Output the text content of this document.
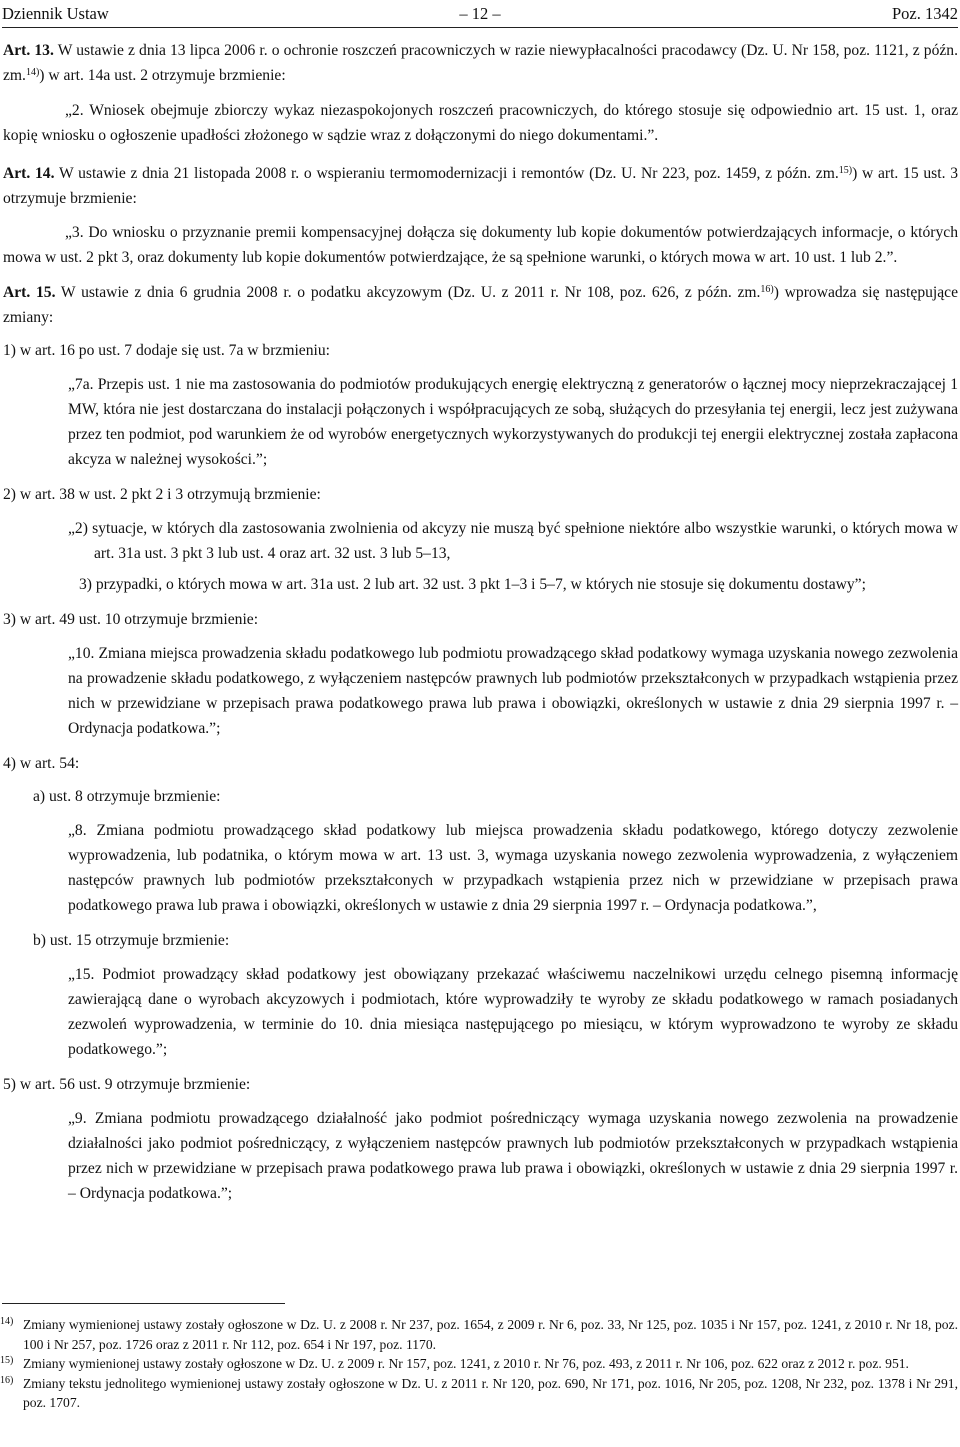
Dziennik Ustaw	– 12 –	Poz. 1342

Art. 13. W ustawie z dnia 13 lipca 2006 r. o ochronie roszczeń pracowniczych w razie niewypłacalności pracodawcy (Dz. U. Nr 158, poz. 1121, z późn. zm.$^{14)}$) w art. 14a ust. 2 otrzymuje brzmienie:

„2. Wniosek obejmuje zbiorczy wykaz niezaspokojonych roszczeń pracowniczych, do którego stosuje się odpowiednio art. 15 ust. 1, oraz kopię wniosku o ogłoszenie upadłości złożonego w sądzie wraz z dołączonymi do niego dokumentami.”.

Art. 14. W ustawie z dnia 21 listopada 2008 r. o wspieraniu termomodernizacji i remontów (Dz. U. Nr 223, poz. 1459, z późn. zm.$^{15)}$) w art. 15 ust. 3 otrzymuje brzmienie:

„3. Do wniosku o przyznanie premii kompensacyjnej dołącza się dokumenty lub kopie dokumentów potwierdzających informacje, o których mowa w ust. 2 pkt 3, oraz dokumenty lub kopie dokumentów potwierdzające, że są spełnione warunki, o których mowa w art. 10 ust. 1 lub 2.”.

Art. 15. W ustawie z dnia 6 grudnia 2008 r. o podatku akcyzowym (Dz. U. z 2011 r. Nr 108, poz. 626, z późn. zm.$^{16)}$) wprowadza się następujące zmiany:

1) w art. 16 po ust. 7 dodaje się ust. 7a w brzmieniu:

„7a. Przepis ust. 1 nie ma zastosowania do podmiotów produkujących energię elektryczną z generatorów o łącznej mocy nieprzekraczającej 1 MW, która nie jest dostarczana do instalacji połączonych i współpracujących ze sobą, służących do przesyłania tej energii, lecz jest zużywana przez ten podmiot, pod warunkiem że od wyrobów energetycznych wykorzystywanych do produkcji tej energii elektrycznej została zapłacona akcyza w należnej wysokości.”;

2) w art. 38 w ust. 2 pkt 2 i 3 otrzymują brzmienie:

„2) sytuacje, w których dla zastosowania zwolnienia od akcyzy nie muszą być spełnione niektóre albo wszystkie warunki, o których mowa w art. 31a ust. 3 pkt 3 lub ust. 4 oraz art. 32 ust. 3 lub 5–13,

3) przypadki, o których mowa w art. 31a ust. 2 lub art. 32 ust. 3 pkt 1–3 i 5–7, w których nie stosuje się dokumentu dostawy”;

3) w art. 49 ust. 10 otrzymuje brzmienie:

„10. Zmiana miejsca prowadzenia składu podatkowego lub podmiotu prowadzącego skład podatkowy wymaga uzyskania nowego zezwolenia na prowadzenie składu podatkowego, z wyłączeniem następców prawnych lub podmiotów przekształconych w przypadkach wstąpienia przez nich w przewidziane w przepisach prawa podatkowego prawa lub prawa i obowiązki, określonych w ustawie z dnia 29 sierpnia 1997 r. – Ordynacja podatkowa.”;

4) w art. 54:

a) ust. 8 otrzymuje brzmienie:

„8. Zmiana podmiotu prowadzącego skład podatkowy lub miejsca prowadzenia składu podatkowego, którego dotyczy zezwolenie wyprowadzenia, lub podatnika, o którym mowa w art. 13 ust. 3, wymaga uzyskania nowego zezwolenia wyprowadzenia, z wyłączeniem następców prawnych lub podmiotów przekształconych w przypadkach wstąpienia przez nich w przewidziane w przepisach prawa podatkowego prawa lub prawa i obowiązki, określonych w ustawie z dnia 29 sierpnia 1997 r. – Ordynacja podatkowa.”,

b) ust. 15 otrzymuje brzmienie:

„15. Podmiot prowadzący skład podatkowy jest obowiązany przekazać właściwemu naczelnikowi urzędu celnego pisemną informację zawierającą dane o wyrobach akcyzowych i podmiotach, które wyprowadziły te wyroby ze składu podatkowego w ramach posiadanych zezwoleń wyprowadzenia, w terminie do 10. dnia miesiąca następującego po miesiącu, w którym wyprowadzono te wyroby ze składu podatkowego.”;

5) w art. 56 ust. 9 otrzymuje brzmienie:

„9. Zmiana podmiotu prowadzącego działalność jako podmiot pośredniczący wymaga uzyskania nowego zezwolenia na prowadzenie działalności jako podmiot pośredniczący, z wyłączeniem następców prawnych lub podmiotów przekształconych w przypadkach wstąpienia przez nich w przewidziane w przepisach prawa podatkowego prawa lub prawa i obowiązki, określonych w ustawie z dnia 29 sierpnia 1997 r. – Ordynacja podatkowa.”;

14) Zmiany wymienionej ustawy zostały ogłoszone w Dz. U. z 2008 r. Nr 237, poz. 1654, z 2009 r. Nr 6, poz. 33, Nr 125, poz. 1035 i Nr 157, poz. 1241, z 2010 r. Nr 18, poz. 100 i Nr 257, poz. 1726 oraz z 2011 r. Nr 112, poz. 654 i Nr 197, poz. 1170.

15) Zmiany wymienionej ustawy zostały ogłoszone w Dz. U. z 2009 r. Nr 157, poz. 1241, z 2010 r. Nr 76, poz. 493, z 2011 r. Nr 106, poz. 622 oraz z 2012 r. poz. 951.

16) Zmiany tekstu jednolitego wymienionej ustawy zostały ogłoszone w Dz. U. z 2011 r. Nr 120, poz. 690, Nr 171, poz. 1016, Nr 205, poz. 1208, Nr 232, poz. 1378 i Nr 291, poz. 1707.
